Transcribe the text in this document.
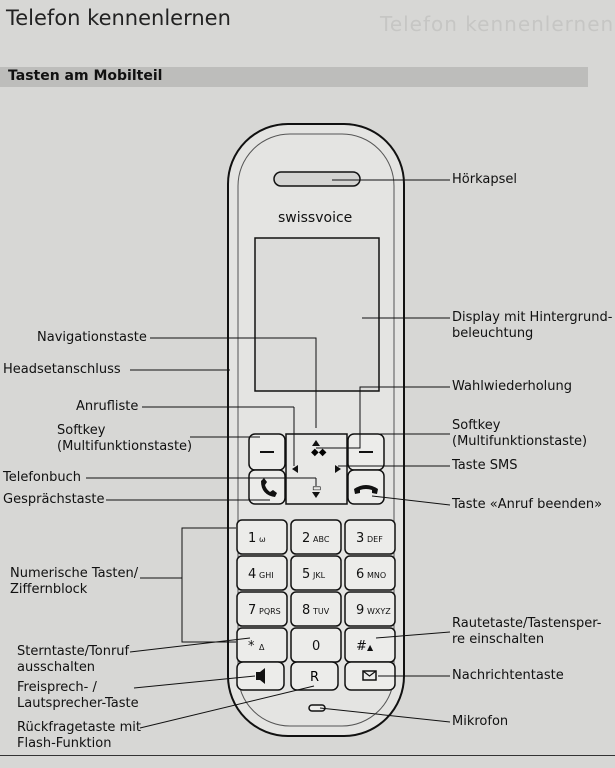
Telefon kennenlernen	Telefon kennenlernen
Tasten am Mobilteil
◆◆
▭
1 ω	2 ABC 3 DEF
4 GHI 5 JKL 6 MNO
7 PQRS 8 TUV 9 WXYZ
* Δ	0	# ▲
R
swissvoice
Hörkapsel
Display mit Hintergrund-
beleuchtung
Navigationstaste
Headsetanschluss
Wahlwiederholung
Anrufliste
Softkey
(Multifunktionstaste)
Softkey
(Multifunktionstaste)
Telefonbuch
Taste SMS
Gesprächstaste	Taste «Anruf beenden»
Numerische Tasten/
Ziffernblock
Rautetaste/Tastensper-
re einschalten
Sterntaste/Tonruf
ausschalten
Freisprech- /
Lautsprecher-Taste
Nachrichtentaste
Rückfragetaste mit
Flash-Funktion
Mikrofon
